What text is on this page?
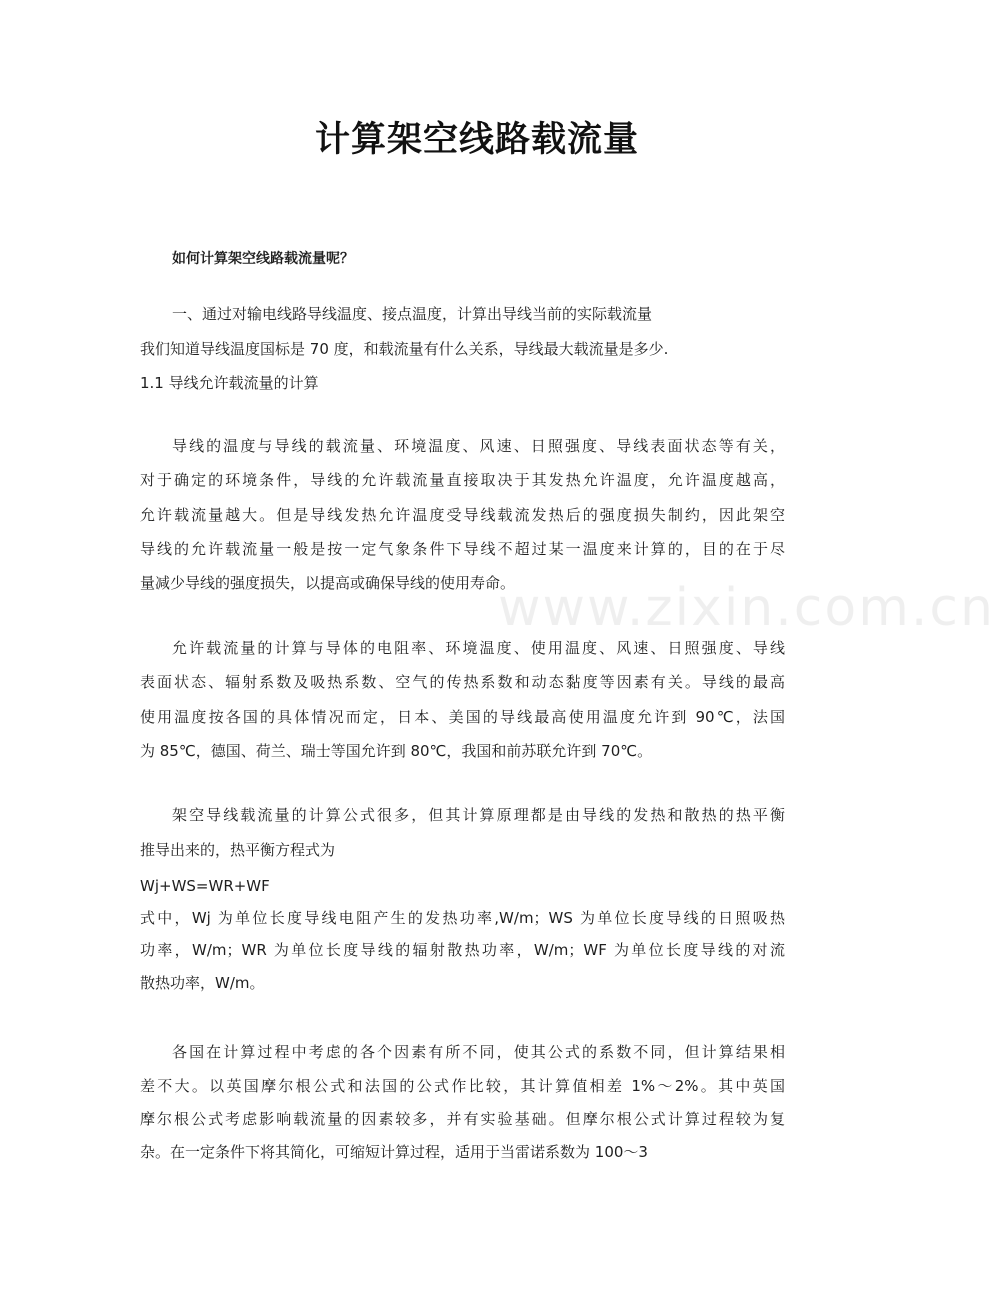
计算架空线路载流量
如何计算架空线路载流量呢？
一、通过对输电线路导线温度、接点温度，计算出导线当前的实际载流量
我们知道导线温度国标是 70 度，和载流量有什么关系，导线最大载流量是多少.
1.1 导线允许载流量的计算
导线的温度与导线的载流量、环境温度、风速、日照强度、导线表面状态等有关，
对于确定的环境条件，导线的允许载流量直接取决于其发热允许温度，允许温度越高，
允许载流量越大。但是导线发热允许温度受导线载流发热后的强度损失制约，因此架空
导线的允许载流量一般是按一定气象条件下导线不超过某一温度来计算的，目的在于尽
量减少导线的强度损失，以提高或确保导线的使用寿命。
www.zixin.com.cn
允许载流量的计算与导体的电阻率、环境温度、使用温度、风速、日照强度、导线
表面状态、辐射系数及吸热系数、空气的传热系数和动态黏度等因素有关。导线的最高
使用温度按各国的具体情况而定，日本、美国的导线最高使用温度允许到 90℃，法国
为 85℃，德国、荷兰、瑞士等国允许到 80℃，我国和前苏联允许到 70℃。
架空导线载流量的计算公式很多，但其计算原理都是由导线的发热和散热的热平衡
推导出来的，热平衡方程式为
Wj+WS=WR+WF
式中，Wj 为单位长度导线电阻产生的发热功率,W/m；WS 为单位长度导线的日照吸热
功率，W/m；WR 为单位长度导线的辐射散热功率，W/m；WF 为单位长度导线的对流
散热功率，W/m。
各国在计算过程中考虑的各个因素有所不同，使其公式的系数不同，但计算结果相
差不大。以英国摩尔根公式和法国的公式作比较，其计算值相差 1%～2%。其中英国
摩尔根公式考虑影响载流量的因素较多，并有实验基础。但摩尔根公式计算过程较为复
杂。在一定条件下将其简化，可缩短计算过程，适用于当雷诺系数为 100～3
